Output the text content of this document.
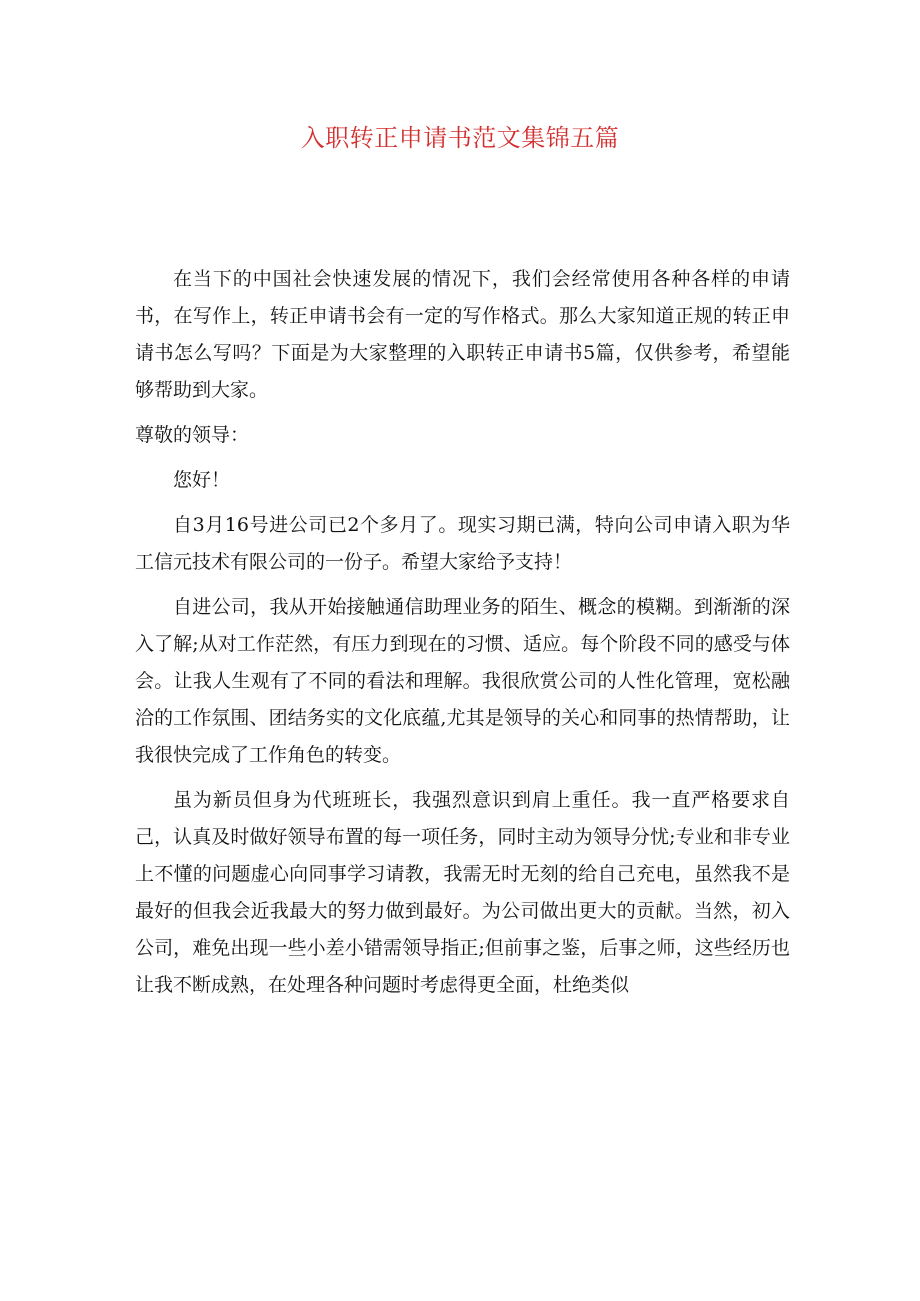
入职转正申请书范文集锦五篇

在当下的中国社会快速发展的情况下，我们会经常使用各种各样的申请书，在写作上，转正申请书会有一定的写作格式。那么大家知道正规的转正申请书怎么写吗？下面是为大家整理的入职转正申请书5篇，仅供参考，希望能够帮助到大家。

尊敬的领导：

您好！

自3月16号进公司已2个多月了。现实习期已满，特向公司申请入职为华工信元技术有限公司的一份子。希望大家给予支持！

自进公司，我从开始接触通信助理业务的陌生、概念的模糊。到渐渐的深入了解;从对工作茫然，有压力到现在的习惯、适应。每个阶段不同的感受与体会。让我人生观有了不同的看法和理解。我很欣赏公司的人性化管理，宽松融洽的工作氛围、团结务实的文化底蕴,尤其是领导的关心和同事的热情帮助，让我很快完成了工作角色的转变。

虽为新员但身为代班班长，我强烈意识到肩上重任。我一直严格要求自己，认真及时做好领导布置的每一项任务，同时主动为领导分忧;专业和非专业上不懂的问题虚心向同事学习请教，我需无时无刻的给自己充电，虽然我不是最好的但我会近我最大的努力做到最好。为公司做出更大的贡献。当然，初入公司，难免出现一些小差小错需领导指正;但前事之鉴，后事之师，这些经历也让我不断成熟，在处理各种问题时考虑得更全面，杜绝类似
